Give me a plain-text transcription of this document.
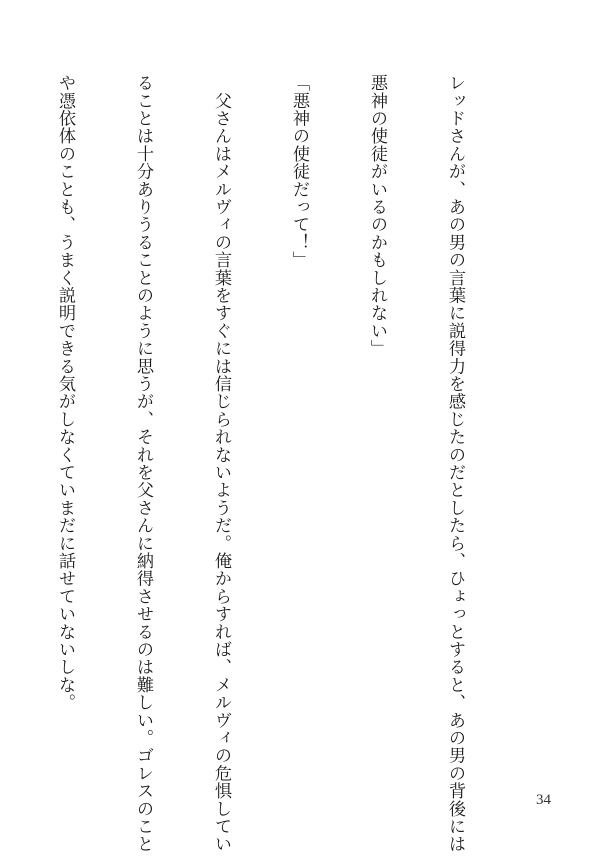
レッドさんが、あの男の言葉に説得力を感じたのだとしたら、ひょっとすると、あの男の背後には

悪神の使徒がいるのかもしれない」

「悪神の使徒だって！」

　父さんはメルヴィの言葉をすぐには信じられないようだ。俺からすれば、メルヴィの危惧してい

ることは十分ありうることのように思うが、それを父さんに納得させるのは難しい。ゴレスのこと

や憑依体のことも、うまく説明できる気がしなくていまだに話せていないしな。

34
